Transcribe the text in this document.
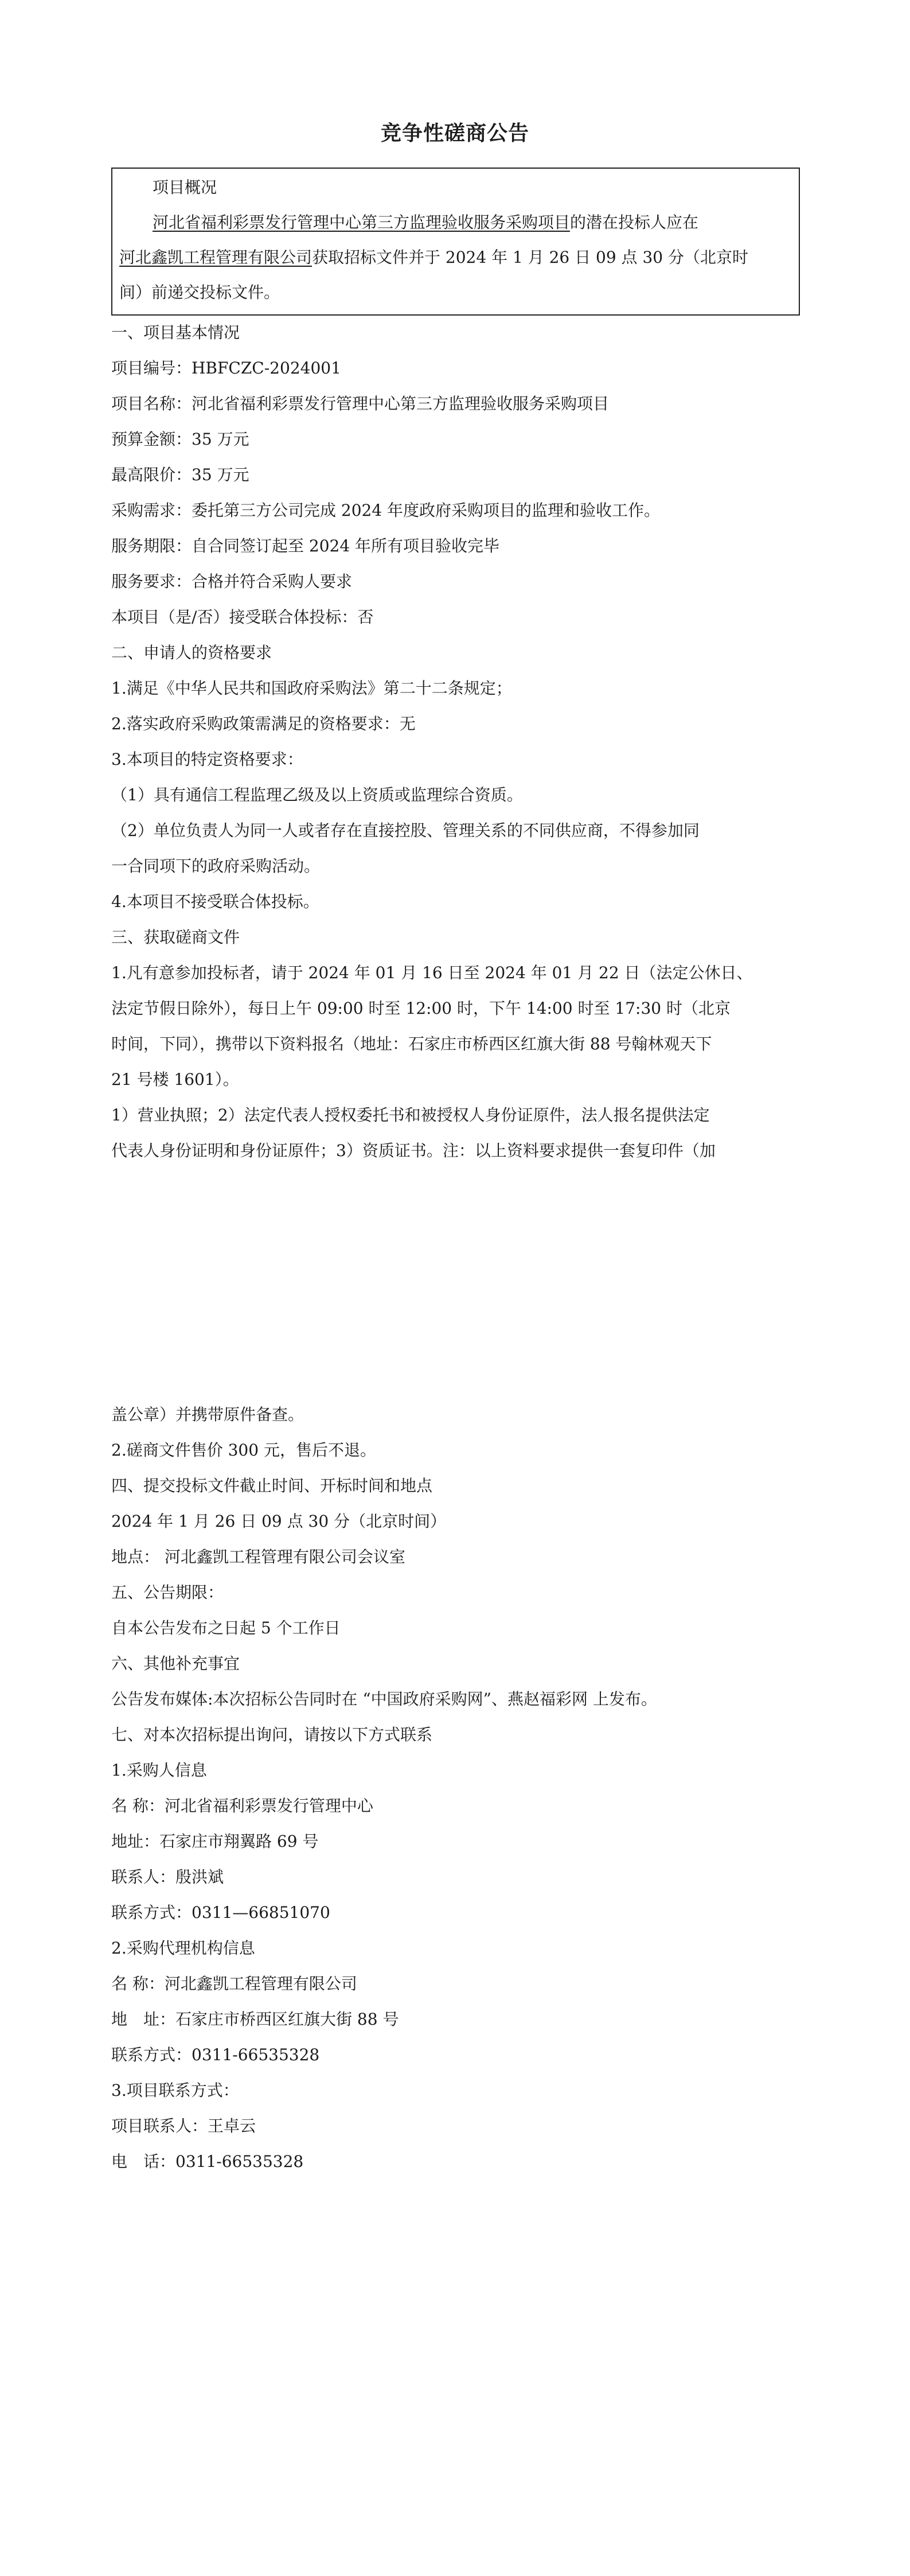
竞争性磋商公告
项目概况
河北省福利彩票发行管理中心第三方监理验收服务采购项目的潜在投标人应在
河北鑫凯工程管理有限公司获取招标文件并于 2024 年 1 月 26 日 09 点 30 分（北京时
间）前递交投标文件。
一、项目基本情况
项目编号：HBFCZC-2024001
项目名称：河北省福利彩票发行管理中心第三方监理验收服务采购项目
预算金额：35 万元
最高限价：35 万元
采购需求：委托第三方公司完成 2024 年度政府采购项目的监理和验收工作。
服务期限：自合同签订起至 2024 年所有项目验收完毕
服务要求：合格并符合采购人要求
本项目（是/否）接受联合体投标：否
二、申请人的资格要求
1.满足《中华人民共和国政府采购法》第二十二条规定；
2.落实政府采购政策需满足的资格要求：无
3.本项目的特定资格要求：
（1）具有通信工程监理乙级及以上资质或监理综合资质。
（2）单位负责人为同一人或者存在直接控股、管理关系的不同供应商，不得参加同
一合同项下的政府采购活动。
4.本项目不接受联合体投标。
三、获取磋商文件
1.凡有意参加投标者，请于 2024 年 01 月 16 日至 2024 年 01 月 22 日（法定公休日、
法定节假日除外），每日上午 09:00 时至 12:00 时，下午 14:00 时至 17:30 时（北京
时间，下同），携带以下资料报名（地址：石家庄市桥西区红旗大街 88 号翰林观天下
21 号楼 1601）。
1）营业执照；2）法定代表人授权委托书和被授权人身份证原件，法人报名提供法定
代表人身份证明和身份证原件；3）资质证书。注：以上资料要求提供一套复印件（加
盖公章）并携带原件备查。
2.磋商文件售价 300 元，售后不退。
四、提交投标文件截止时间、开标时间和地点
2024 年 1 月 26 日 09 点 30 分（北京时间）
地点： 河北鑫凯工程管理有限公司会议室
五、公告期限：
自本公告发布之日起 5 个工作日
六、其他补充事宜
公告发布媒体:本次招标公告同时在 “中国政府采购网”、燕赵福彩网 上发布。
七、对本次招标提出询问，请按以下方式联系
1.采购人信息
名 称：河北省福利彩票发行管理中心
地址：石家庄市翔翼路 69 号
联系人：殷洪斌
联系方式：0311—66851070
2.采购代理机构信息
名 称：河北鑫凯工程管理有限公司
地　址：石家庄市桥西区红旗大街 88 号
联系方式：0311-66535328
3.项目联系方式：
项目联系人：王卓云
电　话：0311-66535328
